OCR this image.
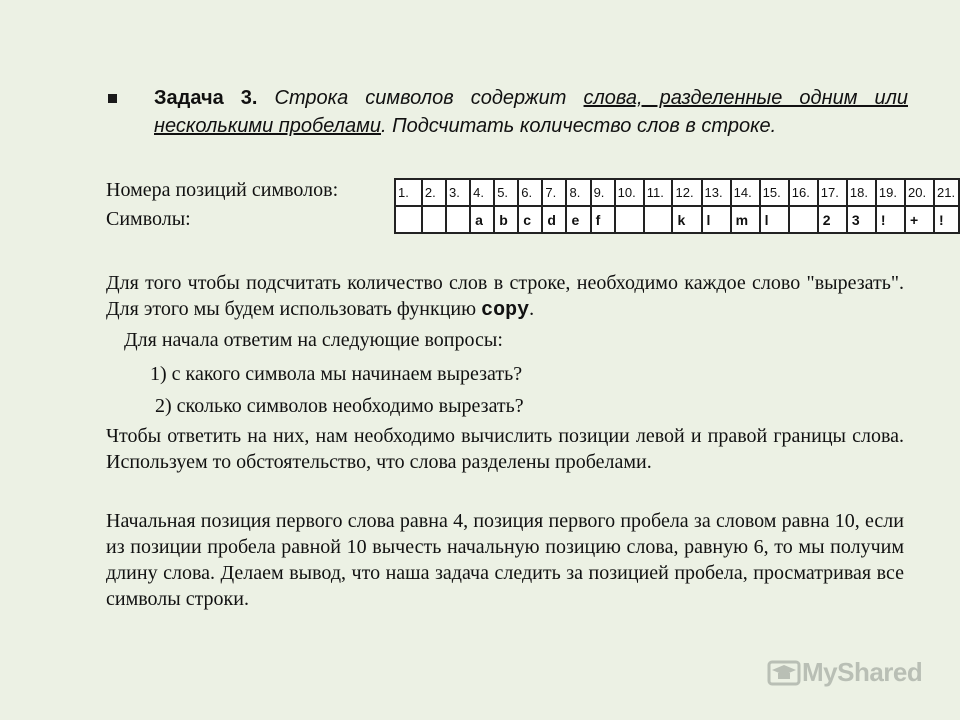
Задача 3. Строка символов содержит слова, разделенные одним или несколькими пробелами. Подсчитать количество слов в строке.
Номера позиций символов:
Символы:
1.	2.	3.	4.	5.	6.	7.	8.	9.	10.	11.	12.	13.	14.	15.	16.	17.	18.	19.	20.	21.
			a	b	c	d	e	f			k	l	m	l		2	3	!	+	!
Для того чтобы подсчитать количество слов в строке, необходимо каждое слово "вырезать". Для этого мы будем использовать функцию copy.
Для начала ответим на следующие вопросы:
1) с какого символа мы начинаем вырезать?
2) сколько символов необходимо вырезать?
Чтобы ответить на них, нам необходимо вычислить позиции левой и правой границы слова. Используем то обстоятельство, что слова разделены пробелами.
Начальная позиция первого слова равна 4, позиция первого пробела за словом равна 10, если из позиции пробела равной 10 вычесть начальную позицию слова, равную 6, то мы получим длину слова. Делаем вывод, что наша задача следить за позицией пробела, просматривая все символы строки.
MyShared
